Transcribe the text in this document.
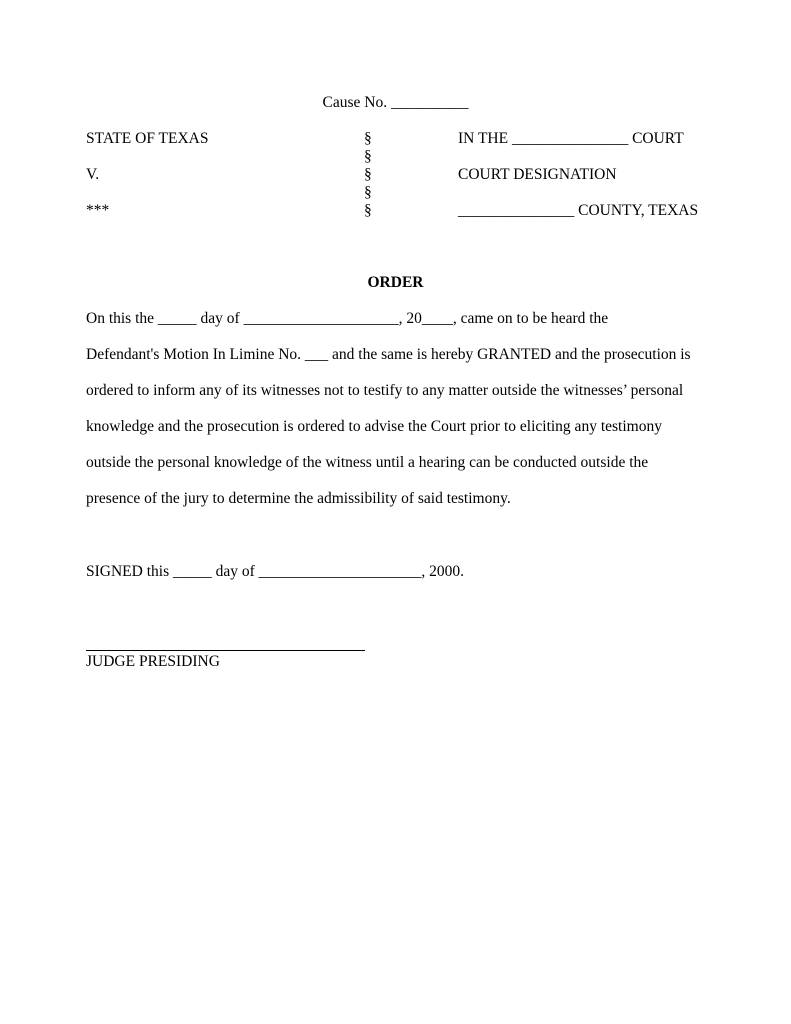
Cause No. __________
STATE OF TEXAS
V.
***
§
§
§
§
§
IN THE _______________ COURT
COURT DESIGNATION
_______________ COUNTY, TEXAS
ORDER
On this the _____ day of ____________________, 20____, came on to be heard the
Defendant's Motion In Limine No. ___ and the same is hereby GRANTED and the prosecution is
ordered to inform any of its witnesses not to testify to any matter outside the witnesses’ personal
knowledge and the prosecution is ordered to advise the Court prior to eliciting any testimony
outside the personal knowledge of the witness until a hearing can be conducted outside the
presence of the jury to determine the admissibility of said testimony.
SIGNED this _____ day of _____________________, 2000.
JUDGE PRESIDING
